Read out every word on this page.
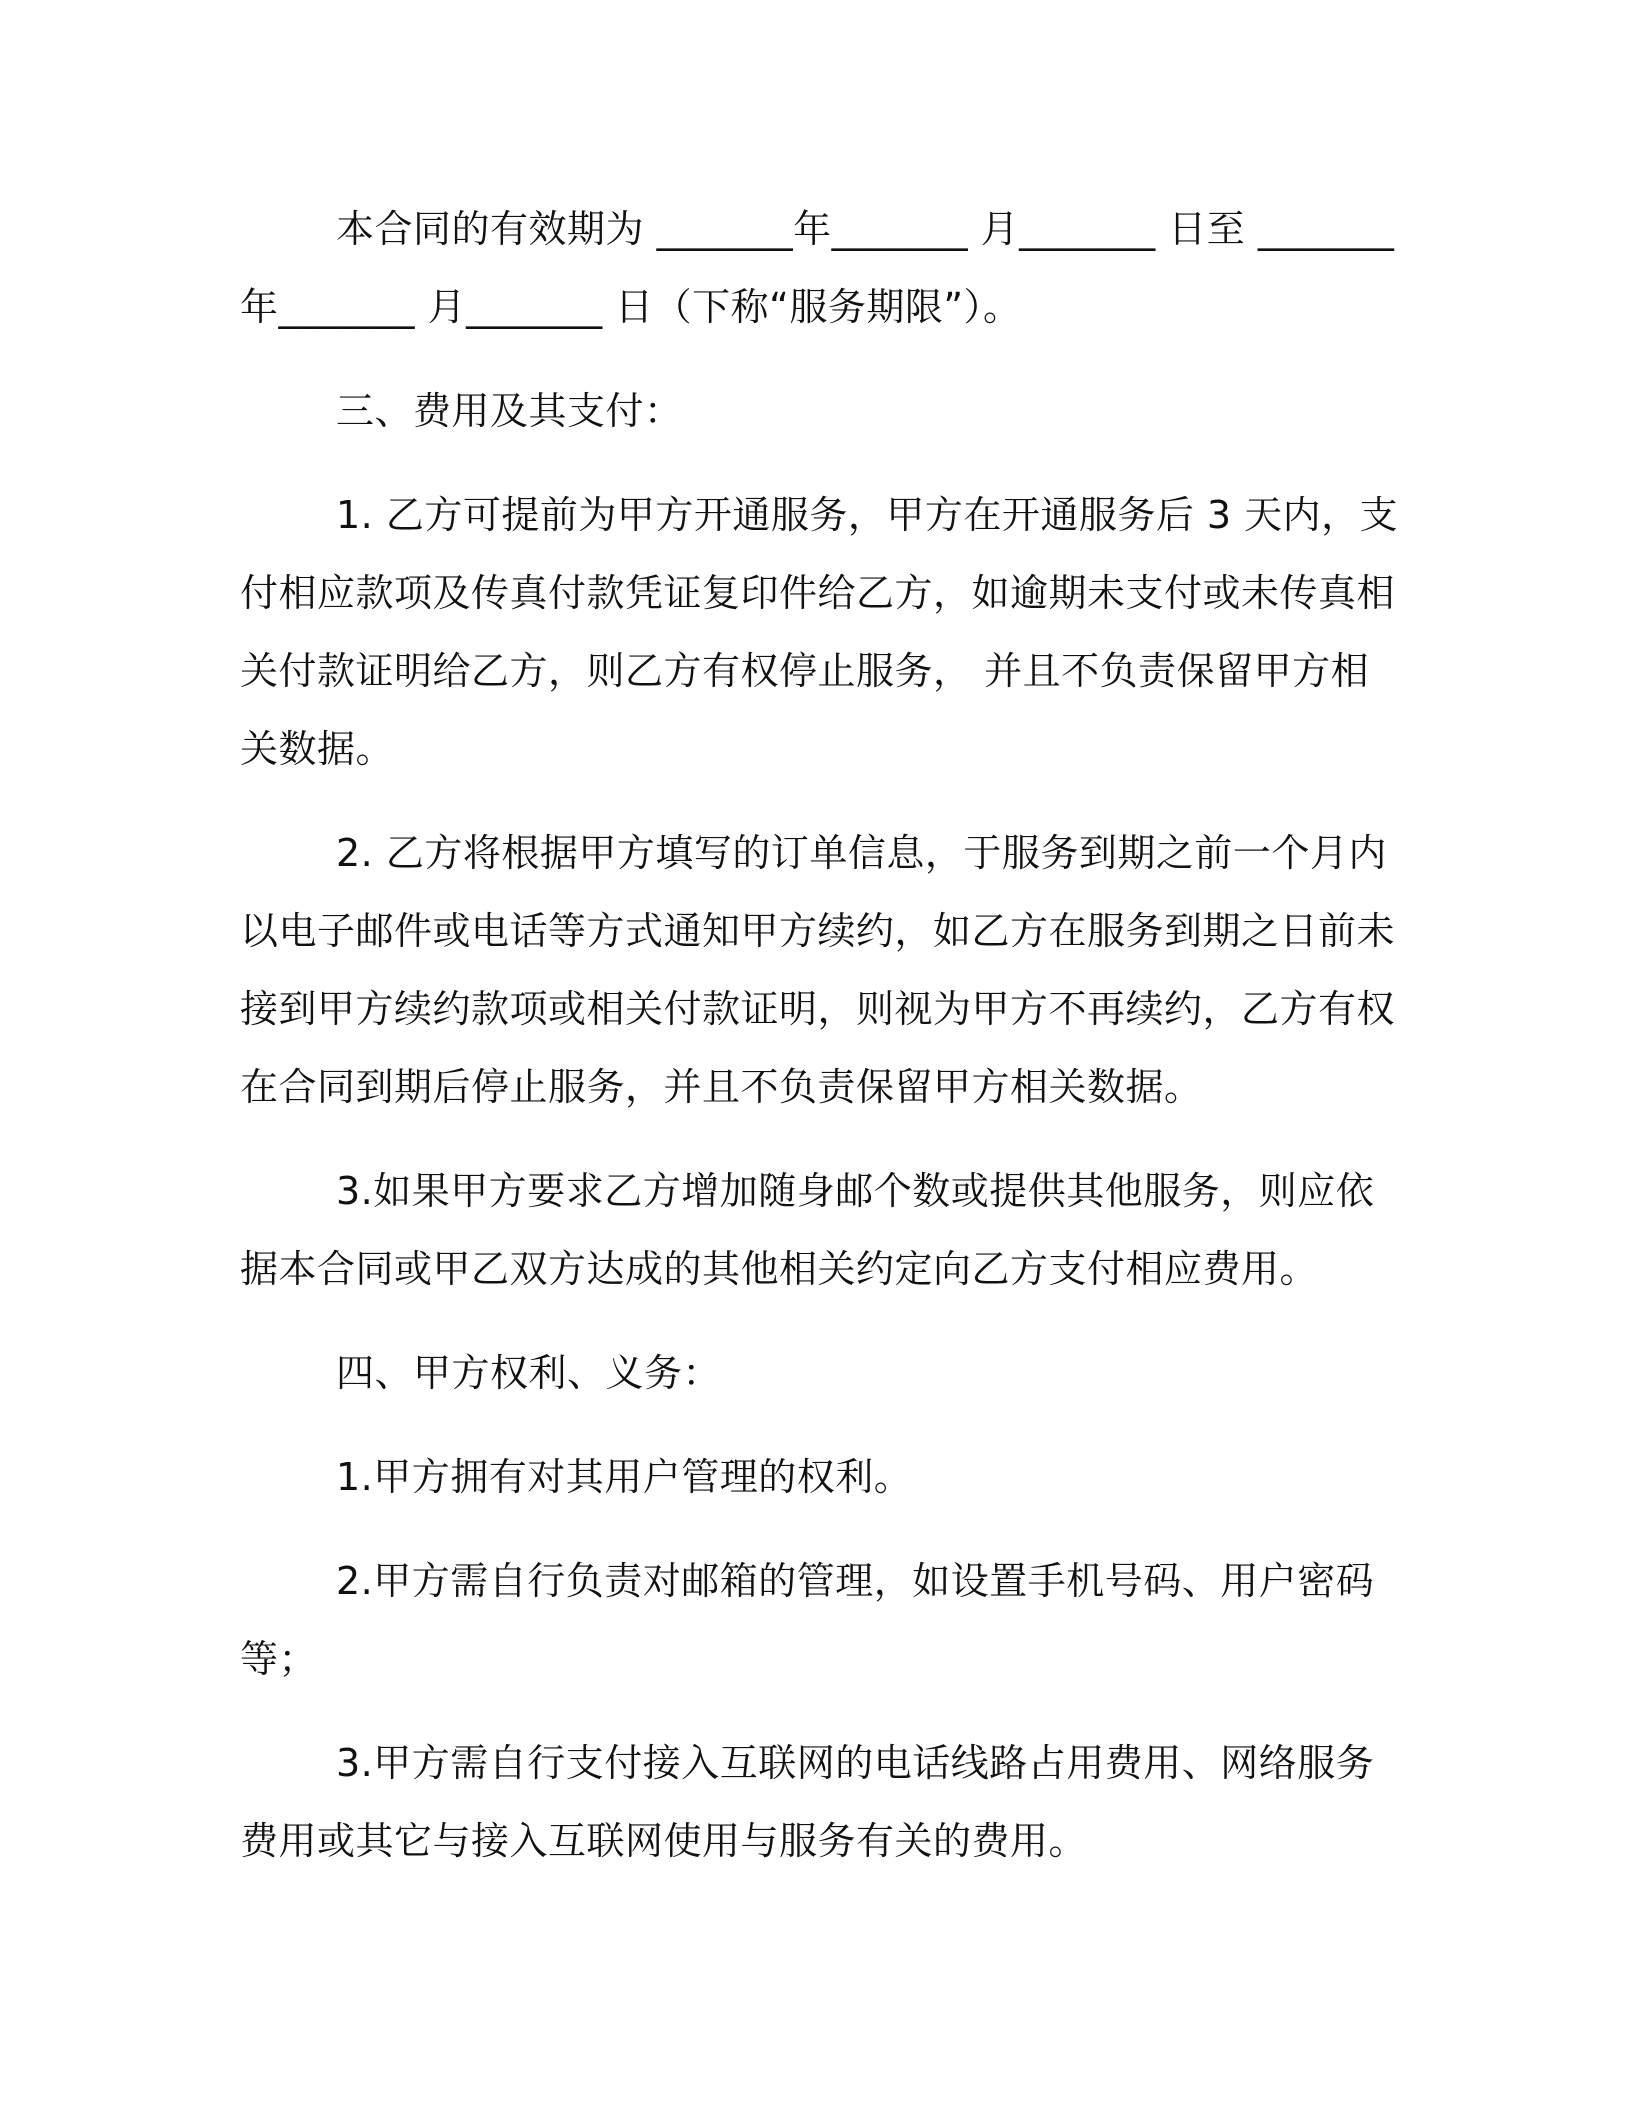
本合同的有效期为 _______年_______ 月_______ 日至 _______年_______ 月_______ 日（下称“服务期限”）。

三、费用及其支付：

1. 乙方可提前为甲方开通服务，甲方在开通服务后 3 天内，支付相应款项及传真付款凭证复印件给乙方，如逾期未支付或未传真相关付款证明给乙方，则乙方有权停止服务， 并且不负责保留甲方相关数据。

2. 乙方将根据甲方填写的订单信息，于服务到期之前一个月内以电子邮件或电话等方式通知甲方续约，如乙方在服务到期之日前未接到甲方续约款项或相关付款证明，则视为甲方不再续约，乙方有权在合同到期后停止服务，并且不负责保留甲方相关数据。

3.如果甲方要求乙方增加随身邮个数或提供其他服务，则应依据本合同或甲乙双方达成的其他相关约定向乙方支付相应费用。

四、甲方权利、义务：

1.甲方拥有对其用户管理的权利。

2.甲方需自行负责对邮箱的管理，如设置手机号码、用户密码等；

3.甲方需自行支付接入互联网的电话线路占用费用、网络服务费用或其它与接入互联网使用与服务有关的费用。
